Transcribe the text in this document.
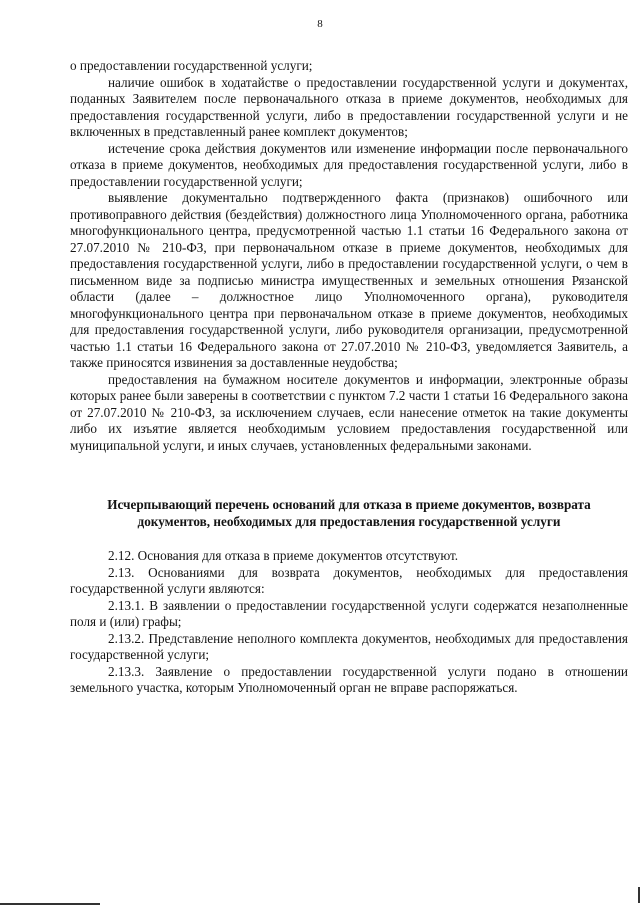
8

о предоставлении государственной услуги;

наличие ошибок в ходатайстве о предоставлении государственной услуги и документах, поданных Заявителем после первоначального отказа в приеме документов, необходимых для предоставления государственной услуги, либо в предоставлении государственной услуги и не включенных в представленный ранее комплект документов;

истечение срока действия документов или изменение информации после первоначального отказа в приеме документов, необходимых для предоставления государственной услуги, либо в предоставлении государственной услуги;

выявление документально подтвержденного факта (признаков) ошибочного или противоправного действия (бездействия) должностного лица Уполномоченного органа, работника многофункционального центра, предусмотренной частью 1.1 статьи 16 Федерального закона от 27.07.2010 № 210-ФЗ, при первоначальном отказе в приеме документов, необходимых для предоставления государственной услуги, либо в предоставлении государственной услуги, о чем в письменном виде за подписью министра имущественных и земельных отношения Рязанской области (далее – должностное лицо Уполномоченного органа), руководителя многофункционального центра при первоначальном отказе в приеме документов, необходимых для предоставления государственной услуги, либо руководителя организации, предусмотренной частью 1.1 статьи 16 Федерального закона от 27.07.2010 № 210-ФЗ, уведомляется Заявитель, а также приносятся извинения за доставленные неудобства;

предоставления на бумажном носителе документов и информации, электронные образы которых ранее были заверены в соответствии с пунктом 7.2 части 1 статьи 16 Федерального закона от 27.07.2010 № 210-ФЗ, за исключением случаев, если нанесение отметок на такие документы либо их изъятие является необходимым условием предоставления государственной или муниципальной услуги, и иных случаев, установленных федеральными законами.

Исчерпывающий перечень оснований для отказа в приеме документов, возврата документов, необходимых для предоставления государственной услуги

2.12. Основания для отказа в приеме документов отсутствуют.

2.13. Основаниями для возврата документов, необходимых для предоставления государственной услуги являются:

2.13.1. В заявлении о предоставлении государственной услуги содержатся незаполненные поля и (или) графы;

2.13.2. Представление неполного комплекта документов, необходимых для предоставления государственной услуги;

2.13.3. Заявление о предоставлении государственной услуги подано в отношении земельного участка, которым Уполномоченный орган не вправе распоряжаться.
